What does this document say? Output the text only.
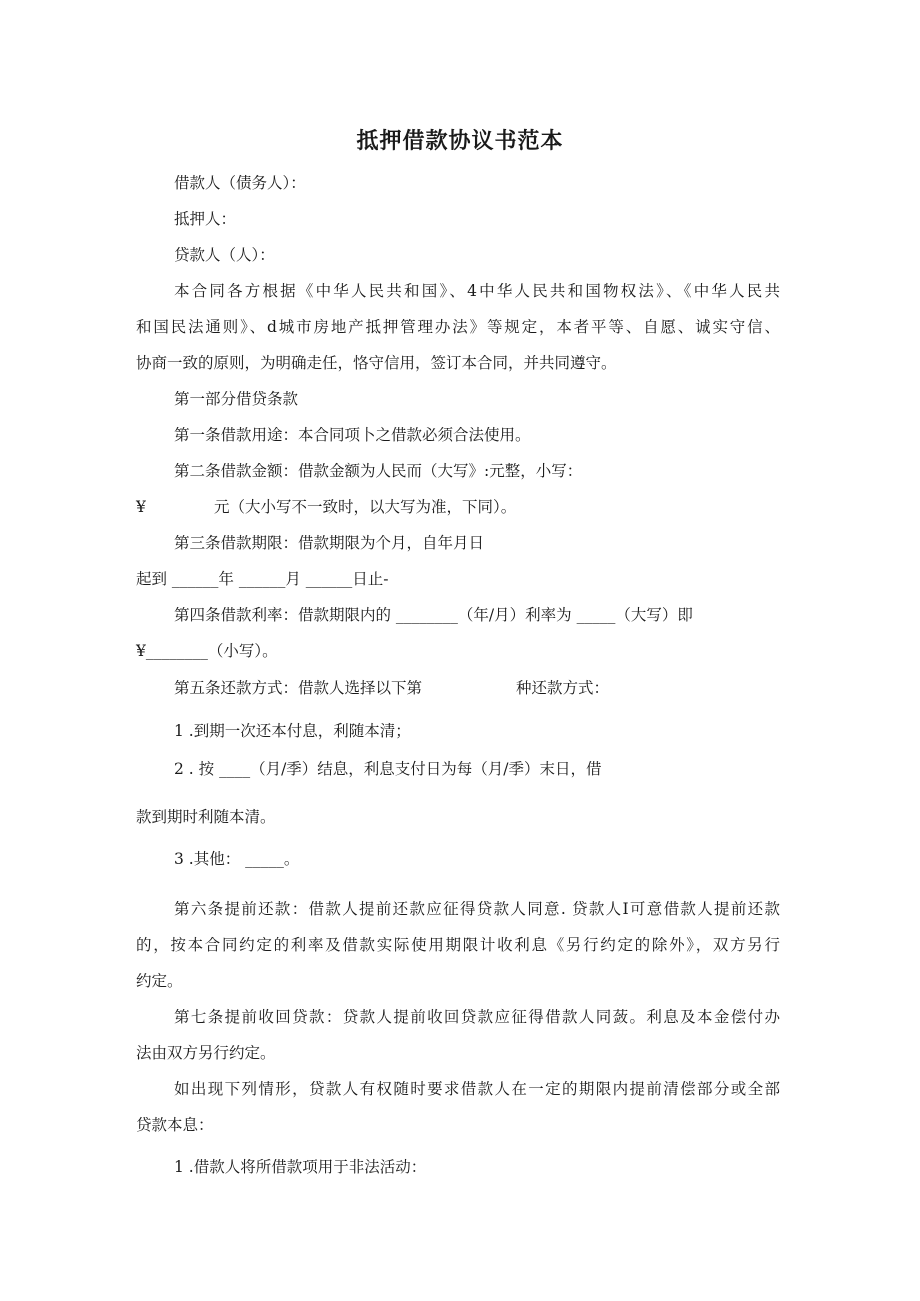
抵押借款协议书范本
借款人（债务人）：
抵押人：
贷款人（人）：
本合同各方根据《中华人民共和国》、4中华人民共和国物权法》、《中华人民共
和国民法通则》、d城市房地产抵押管理办法》等规定，本者平等、自愿、诚实守信、
协商一致的原则，为明确走任，恪守信用，签订本合同，并共同遵守。
第一部分借贷条款
第一条借款用途：本合同项卜之借款必须合法使用。
第二条借款金额：借款金额为人民而（大写》:元整，小写：
¥	元（大小写不一致时，以大写为准，下同）。
第三条借款期限：借款期限为个月，自年月日
起到 ______年 ______月 ______日止-
第四条借款利率：借款期限内的 ________（年/月）利率为 _____（大写）即
¥________（小写）。
第五条还款方式：借款人选择以下第	种还款方式：
1 .到期一次还本付息，利随本清；
2 . 按 ____（月/季）结息，利息支付日为每（月/季）末日，借
款到期时利随本清。
3 .其他： _____。
第六条提前还款：借款人提前还款应征得贷款人同意. 贷款人I可意借款人提前还款
的，按本合同约定的利率及借款实际使用期限计收利息《另行约定的除外》，双方另行
约定。
第七条提前收回贷款：贷款人提前收回贷款应征得借款人同蔹。利息及本金偿付办
法由双方另行约定。
如出现下列情形，贷款人有权随时要求借款人在一定的期限内提前清偿部分或全部
贷款本息：
1 .借款人将所借款项用于非法活动：
